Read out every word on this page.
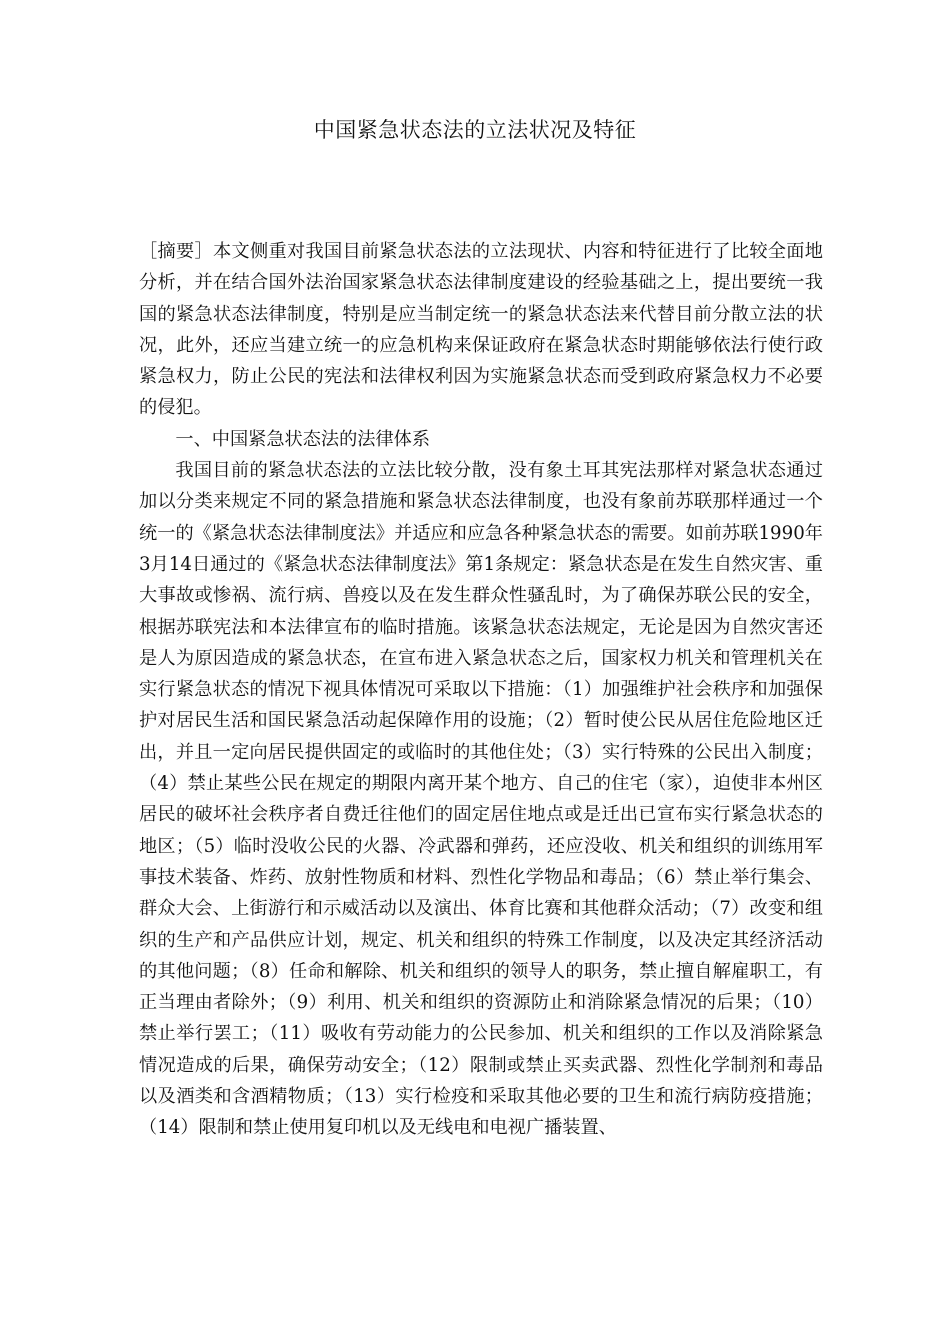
中国紧急状态法的立法状况及特征

［摘要］本文侧重对我国目前紧急状态法的立法现状、内容和特征进行了比较全面地分析，并在结合国外法治国家紧急状态法律制度建设的经验基础之上，提出要统一我国的紧急状态法律制度，特别是应当制定统一的紧急状态法来代替目前分散立法的状况，此外，还应当建立统一的应急机构来保证政府在紧急状态时期能够依法行使行政紧急权力，防止公民的宪法和法律权利因为实施紧急状态而受到政府紧急权力不必要的侵犯。

一、中国紧急状态法的法律体系

我国目前的紧急状态法的立法比较分散，没有象土耳其宪法那样对紧急状态通过加以分类来规定不同的紧急措施和紧急状态法律制度，也没有象前苏联那样通过一个统一的《紧急状态法律制度法》并适应和应急各种紧急状态的需要。如前苏联1990年3月14日通过的《紧急状态法律制度法》第1条规定：紧急状态是在发生自然灾害、重大事故或惨祸、流行病、兽疫以及在发生群众性骚乱时，为了确保苏联公民的安全，根据苏联宪法和本法律宣布的临时措施。该紧急状态法规定，无论是因为自然灾害还是人为原因造成的紧急状态，在宣布进入紧急状态之后，国家权力机关和管理机关在实行紧急状态的情况下视具体情况可采取以下措施：（1）加强维护社会秩序和加强保护对居民生活和国民紧急活动起保障作用的设施；（2）暂时使公民从居住危险地区迁出，并且一定向居民提供固定的或临时的其他住处；（3）实行特殊的公民出入制度；（4）禁止某些公民在规定的期限内离开某个地方、自己的住宅（家），迫使非本州区居民的破坏社会秩序者自费迁往他们的固定居住地点或是迁出已宣布实行紧急状态的地区；（5）临时没收公民的火器、冷武器和弹药，还应没收、机关和组织的训练用军事技术装备、炸药、放射性物质和材料、烈性化学物品和毒品；（6）禁止举行集会、群众大会、上街游行和示威活动以及演出、体育比赛和其他群众活动；（7）改变和组织的生产和产品供应计划，规定、机关和组织的特殊工作制度，以及决定其经济活动的其他问题；（8）任命和解除、机关和组织的领导人的职务，禁止擅自解雇职工，有正当理由者除外；（9）利用、机关和组织的资源防止和消除紧急情况的后果；（10）禁止举行罢工；（11）吸收有劳动能力的公民参加、机关和组织的工作以及消除紧急情况造成的后果，确保劳动安全；（12）限制或禁止买卖武器、烈性化学制剂和毒品以及酒类和含酒精物质；（13）实行检疫和采取其他必要的卫生和流行病防疫措施；（14）限制和禁止使用复印机以及无线电和电视广播装置、
